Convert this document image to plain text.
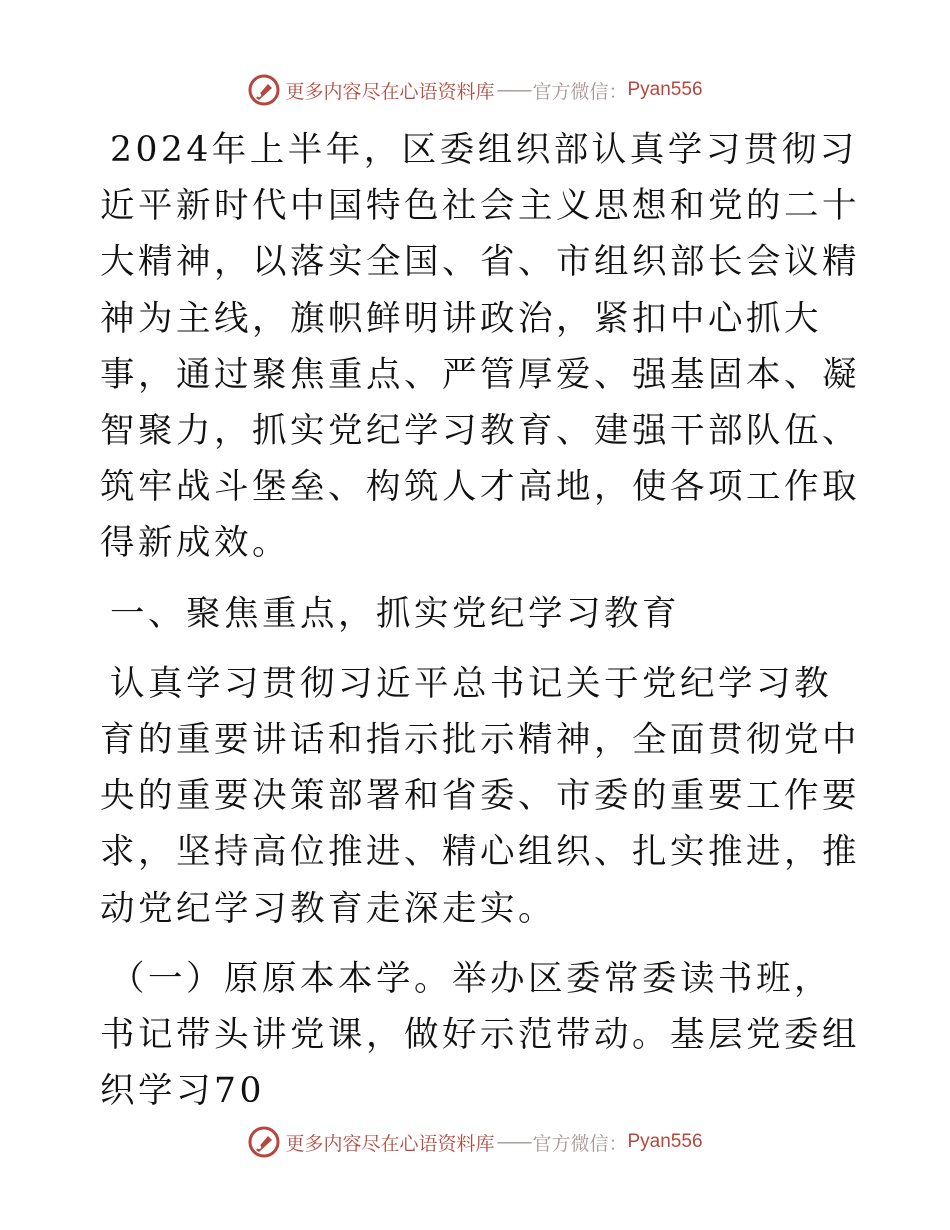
更多内容尽在心语资料库 —— 官方微信： Pyan556

2024年上半年，区委组织部认真学习贯彻习近平新时代中国特色社会主义思想和党的二十大精神，以落实全国、省、市组织部长会议精神为主线，旗帜鲜明讲政治，紧扣中心抓大事，通过聚焦重点、严管厚爱、强基固本、凝智聚力，抓实党纪学习教育、建强干部队伍、筑牢战斗堡垒、构筑人才高地，使各项工作取得新成效。

一、聚焦重点，抓实党纪学习教育

认真学习贯彻习近平总书记关于党纪学习教育的重要讲话和指示批示精神，全面贯彻党中央的重要决策部署和省委、市委的重要工作要求，坚持高位推进、精心组织、扎实推进，推动党纪学习教育走深走实。

（一）原原本本学。举办区委常委读书班，书记带头讲党课，做好示范带动。基层党委组织学习70

更多内容尽在心语资料库 —— 官方微信： Pyan556
